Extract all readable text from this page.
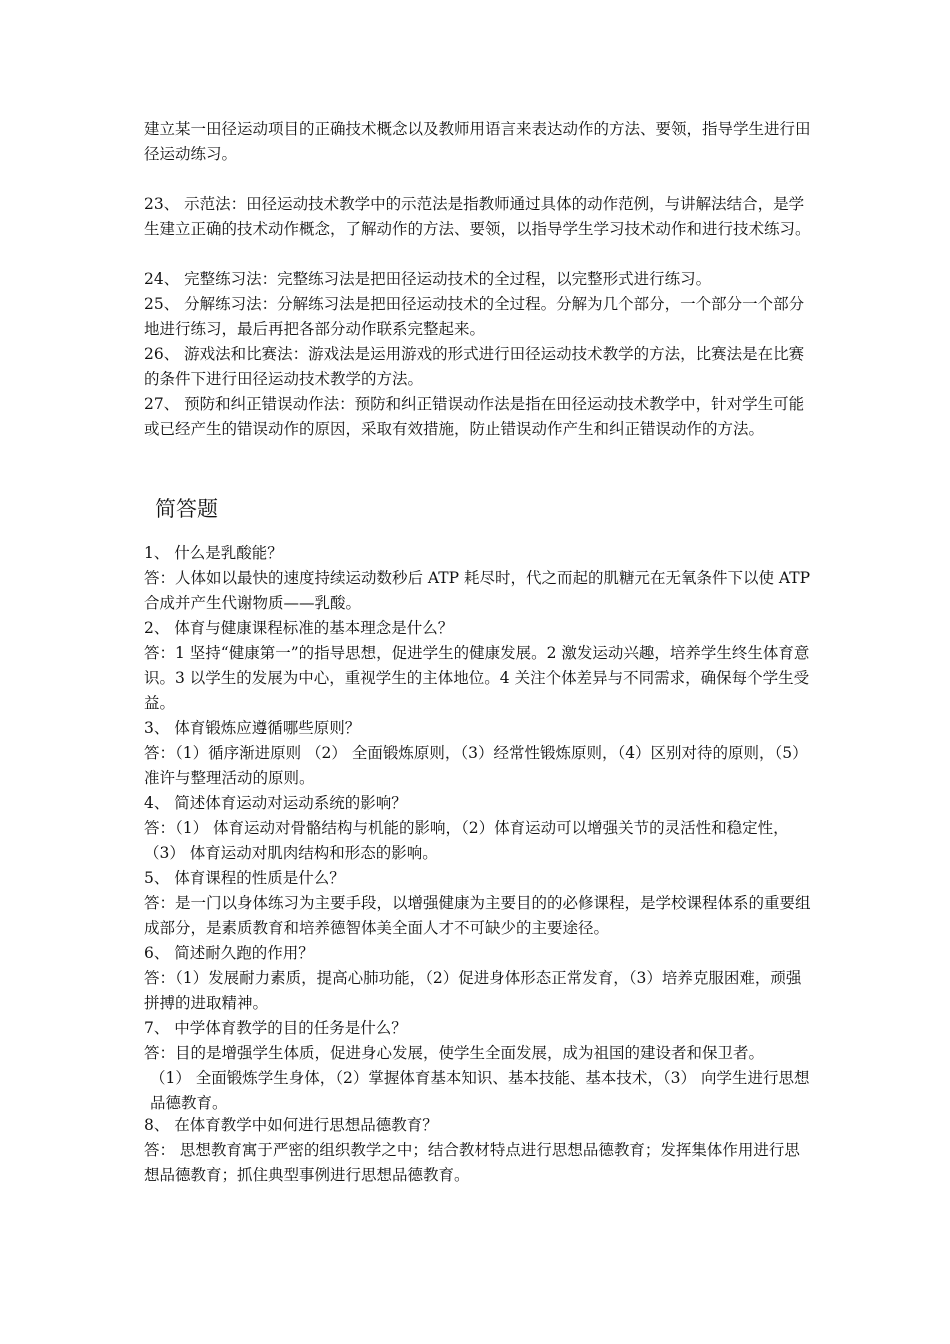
建立某一田径运动项目的正确技术概念以及教师用语言来表达动作的方法、要领，指导学生进行田径运动练习。

23、 示范法：田径运动技术教学中的示范法是指教师通过具体的动作范例，与讲解法结合，是学生建立正确的技术动作概念，了解动作的方法、要领，以指导学生学习技术动作和进行技术练习。

24、 完整练习法：完整练习法是把田径运动技术的全过程，以完整形式进行练习。

25、 分解练习法：分解练习法是把田径运动技术的全过程。分解为几个部分，一个部分一个部分地进行练习，最后再把各部分动作联系完整起来。

26、 游戏法和比赛法：游戏法是运用游戏的形式进行田径运动技术教学的方法，比赛法是在比赛的条件下进行田径运动技术教学的方法。

27、 预防和纠正错误动作法：预防和纠正错误动作法是指在田径运动技术教学中，针对学生可能或已经产生的错误动作的原因，采取有效措施，防止错误动作产生和纠正错误动作的方法。

简答题

1、 什么是乳酸能？

答：人体如以最快的速度持续运动数秒后 ATP 耗尽时，代之而起的肌糖元在无氧条件下以使 ATP 合成并产生代谢物质——乳酸。

2、 体育与健康课程标准的基本理念是什么？

答：1 坚持“健康第一”的指导思想，促进学生的健康发展。2 激发运动兴趣，培养学生终生体育意识。3 以学生的发展为中心，重视学生的主体地位。4 关注个体差异与不同需求，确保每个学生受益。

3、 体育锻炼应遵循哪些原则？

答：（1）循序渐进原则 （2） 全面锻炼原则，（3）经常性锻炼原则，（4）区别对待的原则，（5）准许与整理活动的原则。

4、 简述体育运动对运动系统的影响？

答：（1） 体育运动对骨骼结构与机能的影响，（2）体育运动可以增强关节的灵活性和稳定性，（3） 体育运动对肌肉结构和形态的影响。

5、 体育课程的性质是什么？

答：是一门以身体练习为主要手段，以增强健康为主要目的的必修课程，是学校课程体系的重要组成部分，是素质教育和培养德智体美全面人才不可缺少的主要途径。

6、 简述耐久跑的作用？

答：（1）发展耐力素质，提高心肺功能，（2）促进身体形态正常发育，（3）培养克服困难，顽强拼搏的进取精神。

7、 中学体育教学的目的任务是什么？

答：目的是增强学生体质，促进身心发展，使学生全面发展，成为祖国的建设者和保卫者。

（1） 全面锻炼学生身体，（2）掌握体育基本知识、基本技能、基本技术，（3） 向学生进行思想品德教育。

8、 在体育教学中如何进行思想品德教育？

答： 思想教育寓于严密的组织教学之中；结合教材特点进行思想品德教育；发挥集体作用进行思想品德教育；抓住典型事例进行思想品德教育。
